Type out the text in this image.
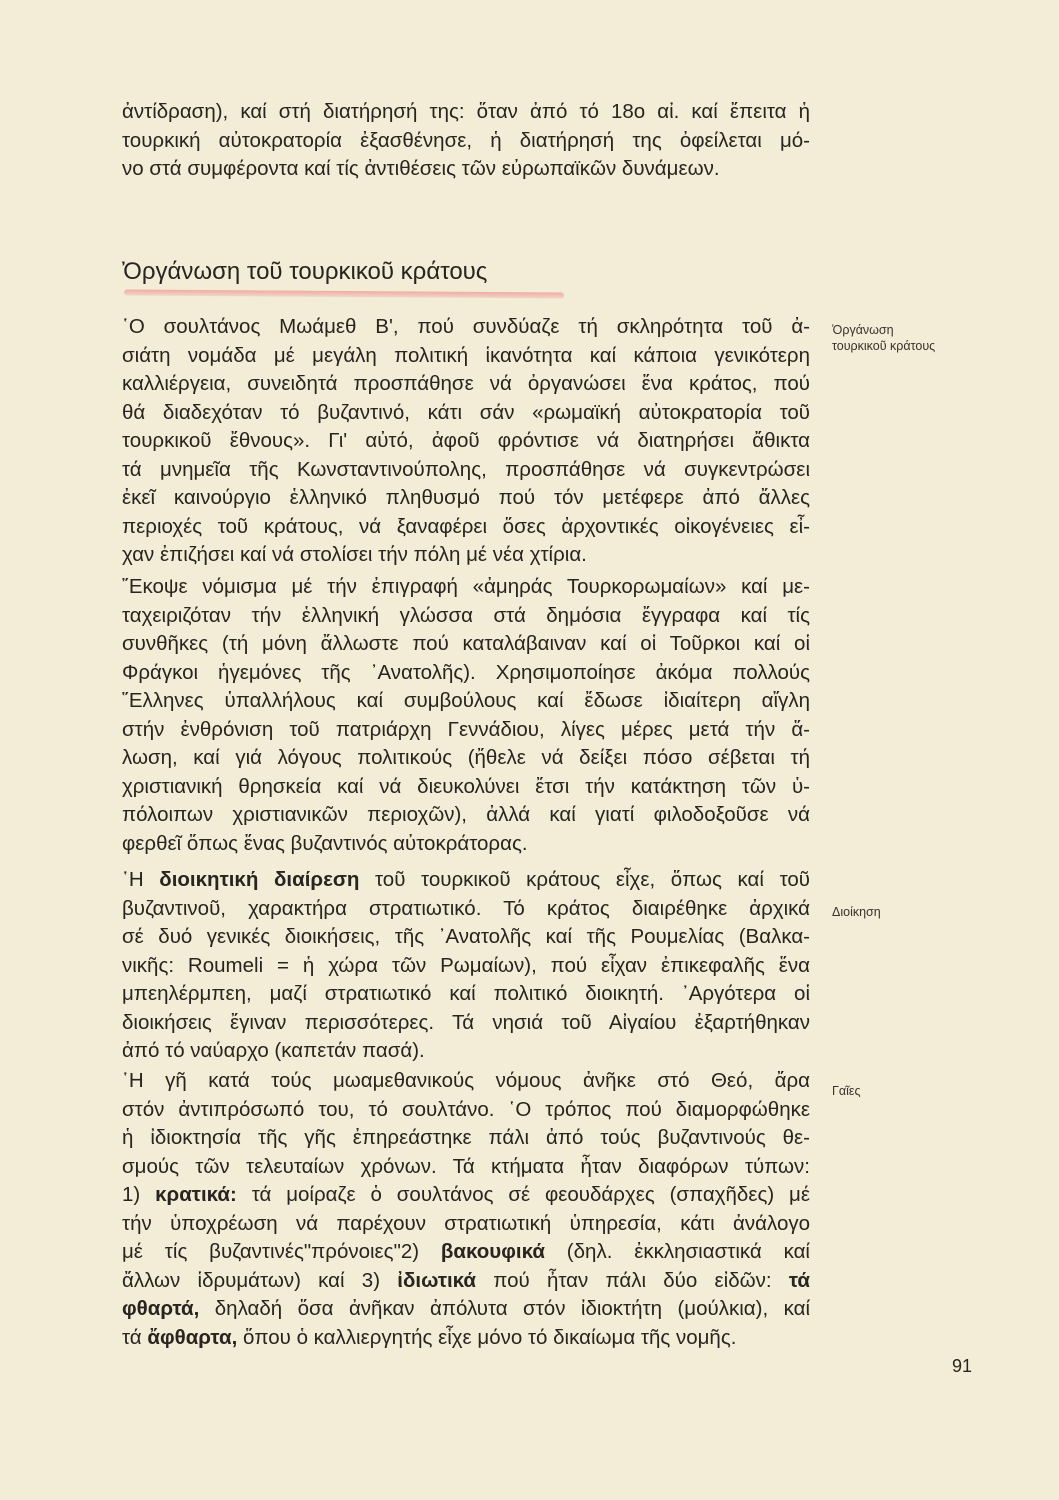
ἀντίδραση), καί στή διατήρησή της: ὅταν ἀπό τό 18ο αἰ. καί ἔπειτα ἡ
τουρκική αὐτοκρατορία ἐξασθένησε, ἡ διατήρησή της ὀφείλεται μό-
νο στά συμφέροντα καί τίς ἀντιθέσεις τῶν εὐρωπαϊκῶν δυνάμεων.

Ὀργάνωση τοῦ τουρκικοῦ κράτους
Ὀργάνωση
τουρκικοῦ κράτους

῾Ο σουλτάνος Μωάμεθ Β', πού συνδύαζε τή σκληρότητα τοῦ ἀ-
σιάτη νομάδα μέ μεγάλη πολιτική ἱκανότητα καί κάποια γενικότερη
καλλιέργεια, συνειδητά προσπάθησε νά ὀργανώσει ἕνα κράτος, πού
θά διαδεχόταν τό βυζαντινό, κάτι σάν «ρωμαϊκή αὐτοκρατορία τοῦ
τουρκικοῦ ἔθνους». Γι' αὐτό, ἀφοῦ φρόντισε νά διατηρήσει ἄθικτα
τά μνημεῖα τῆς Κωνσταντινούπολης, προσπάθησε νά συγκεντρώσει
ἐκεῖ καινούργιο ἑλληνικό πληθυσμό πού τόν μετέφερε ἀπό ἄλλες
περιοχές τοῦ κράτους, νά ξαναφέρει ὅσες ἀρχοντικές οἰκογένειες εἶ-
χαν ἐπιζήσει καί νά στολίσει τήν πόλη μέ νέα χτίρια.

῎Εκοψε νόμισμα μέ τήν ἐπιγραφή «ἀμηράς Τουρκορωμαίων» καί με-
ταχειριζόταν τήν ἑλληνική γλώσσα στά δημόσια ἔγγραφα καί τίς
συνθῆκες (τή μόνη ἄλλωστε πού καταλάβαιναν καί οἱ Τοῦρκοι καί οἱ
Φράγκοι ἡγεμόνες τῆς ᾿Ανατολῆς). Χρησιμοποίησε ἀκόμα πολλούς
῞Ελληνες ὑπαλλήλους καί συμβούλους καί ἔδωσε ἰδιαίτερη αἴγλη
στήν ἐνθρόνιση τοῦ πατριάρχη Γεννάδιου, λίγες μέρες μετά τήν ἅ-
λωση, καί γιά λόγους πολιτικούς (ἤθελε νά δείξει πόσο σέβεται τή
χριστιανική θρησκεία καί νά διευκολύνει ἔτσι τήν κατάκτηση τῶν ὑ-
πόλοιπων χριστιανικῶν περιοχῶν), ἀλλά καί γιατί φιλοδοξοῦσε νά
φερθεῖ ὅπως ἕνας βυζαντινός αὐτοκράτορας.

Διοίκηση

῾Η διοικητική διαίρεση τοῦ τουρκικοῦ κράτους εἶχε, ὅπως καί τοῦ
βυζαντινοῦ, χαρακτήρα στρατιωτικό. Τό κράτος διαιρέθηκε ἀρχικά
σέ δυό γενικές διοικήσεις, τῆς ᾿Ανατολῆς καί τῆς Ρουμελίας (Βαλκα-
νικῆς: Roumeli = ἡ χώρα τῶν Ρωμαίων), πού εἶχαν ἐπικεφαλῆς ἕνα
μπεηλέρμπεη, μαζί στρατιωτικό καί πολιτικό διοικητή. ᾿Αργότερα οἱ
διοικήσεις ἔγιναν περισσότερες. Τά νησιά τοῦ Αἰγαίου ἐξαρτήθηκαν
ἀπό τό ναύαρχο (καπετάν πασά).

Γαῖες

῾Η γῆ κατά τούς μωαμεθανικούς νόμους ἀνῆκε στό Θεό, ἄρα
στόν ἀντιπρόσωπό του, τό σουλτάνο. ῾Ο τρόπος πού διαμορφώθηκε
ἡ ἰδιοκτησία τῆς γῆς ἐπηρεάστηκε πάλι ἀπό τούς βυζαντινούς θε-
σμούς τῶν τελευταίων χρόνων. Τά κτήματα ἦταν διαφόρων τύπων:
1) κρατικά: τά μοίραζε ὁ σουλτάνος σέ φεουδάρχες (σπαχῆδες) μέ
τήν ὑποχρέωση νά παρέχουν στρατιωτική ὑπηρεσία, κάτι ἀνάλογο
μέ τίς βυζαντινές"πρόνοιες"2) βακουφικά (δηλ. ἐκκλησιαστικά καί
ἄλλων ἱδρυμάτων) καί 3) ἰδιωτικά πού ἦταν πάλι δύο εἰδῶν: τά
φθαρτά, δηλαδή ὅσα ἀνῆκαν ἀπόλυτα στόν ἰδιοκτήτη (μούλκια), καί
τά ἄφθαρτα, ὅπου ὁ καλλιεργητής εἶχε μόνο τό δικαίωμα τῆς νομῆς.

91
